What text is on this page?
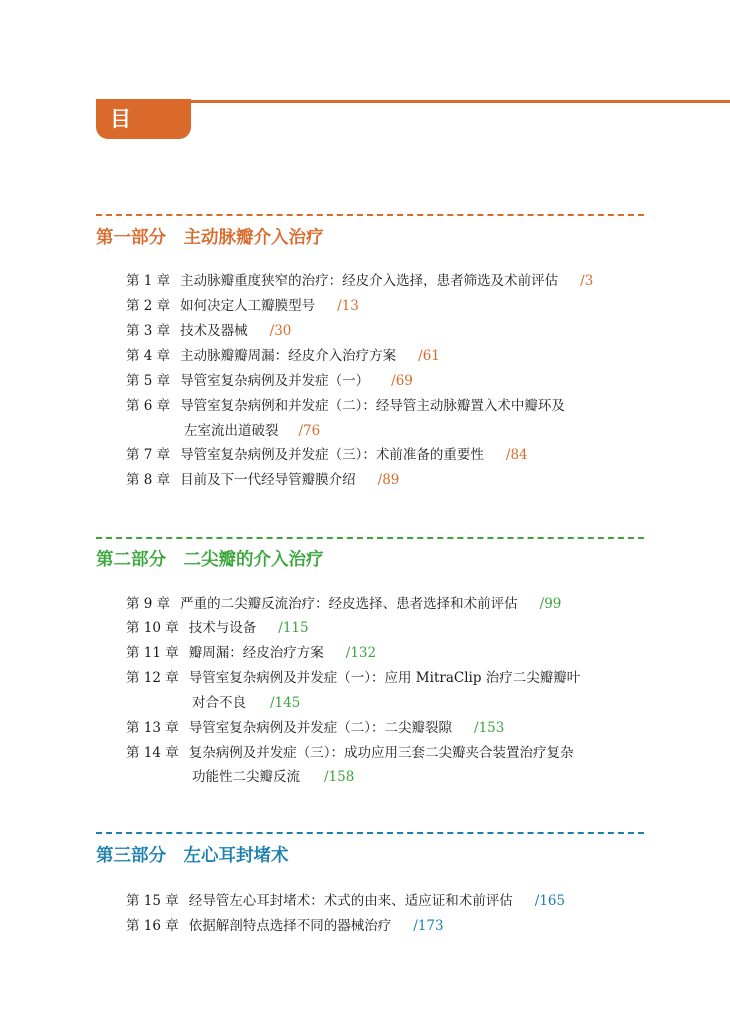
目　录
第一部分　主动脉瓣介入治疗
第 1 章 主动脉瓣重度狭窄的治疗：经皮介入选择，患者筛选及术前评估 /3
第 2 章 如何决定人工瓣膜型号 /13
第 3 章 技术及器械 /30
第 4 章 主动脉瓣瓣周漏：经皮介入治疗方案 /61
第 5 章 导管室复杂病例及并发症（一） /69
第 6 章 导管室复杂病例和并发症（二）：经导管主动脉瓣置入术中瓣环及
左室流出道破裂 /76
第 7 章 导管室复杂病例及并发症（三）：术前准备的重要性 /84
第 8 章 目前及下一代经导管瓣膜介绍 /89
第二部分　二尖瓣的介入治疗
第 9 章 严重的二尖瓣反流治疗：经皮选择、患者选择和术前评估 /99
第 10 章 技术与设备 /115
第 11 章 瓣周漏：经皮治疗方案 /132
第 12 章 导管室复杂病例及并发症（一）：应用 MitraClip 治疗二尖瓣瓣叶
对合不良 /145
第 13 章 导管室复杂病例及并发症（二）：二尖瓣裂隙 /153
第 14 章 复杂病例及并发症（三）：成功应用三套二尖瓣夹合装置治疗复杂
功能性二尖瓣反流 /158
第三部分　左心耳封堵术
第 15 章 经导管左心耳封堵术：术式的由来、适应证和术前评估 /165
第 16 章 依据解剖特点选择不同的器械治疗 /173
